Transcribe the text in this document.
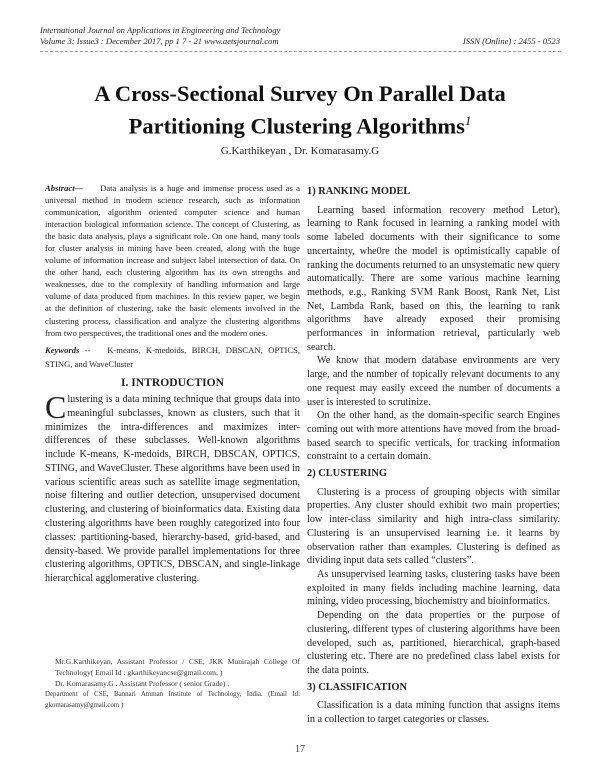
International Journal on Applications in Engineering and Technology
Volume 3: Issue3 : December 2017, pp 1 7 - 21 www.aetsjournal.com	ISSN (Online) : 2455 - 0523
A Cross-Sectional Survey On Parallel Data
Partitioning Clustering Algorithms$^1$
G.Karthikeyan , Dr. Komarasamy.G
Abstract— Data analysis is a huge and immense process used as a universal method in modern science research, such as information communication, algorithm oriented computer science and human interaction biological information science. The concept of Clustering, as the basic data analysis, plays a significant role. On one hand, many tools for cluster analysis in mining have been created, along with the huge volume of information increase and subject label intersection of data. On the other hand, each clustering algorithm has its own strengths and weaknesses, due to the complexity of handling information and large volume of data produced from machines. In this review paper, we begin at the definition of clustering, take the basic elements involved in the clustering process, classification and analyze the clustering algorithms from two perspectives, the traditional ones and the modern ones.
Keywords -- K-means, K-medoids, BIRCH, DBSCAN, OPTICS, STING, and WaveCluster
I. INTRODUCTION
Clustering is a data mining technique that groups data into meaningful subclasses, known as clusters, such that it minimizes the intra-differences and maximizes inter-differences of these subclasses. Well-known algorithms include K-means, K-medoids, BIRCH, DBSCAN, OPTICS, STING, and WaveCluster. These algorithms have been used in various scientific areas such as satellite image segmentation, noise filtering and outlier detection, unsupervised document clustering, and clustering of bioinformatics data. Existing data clustering algorithms have been roughly categorized into four classes: partitioning-based, hierarchy-based, grid-based, and density-based. We provide parallel implementations for three clustering algorithms, OPTICS, DBSCAN, and single-linkage hierarchical agglomerative clustering.
Mr.G.Karthikeyan, Assistant Professor / CSE, JKK Munirajah College Of Technology( Email Id : gkarthikeyancse@gmail.com, )
Dr. Komarasamy.G , Assistant Professor ( senior Grade) ,
Department of CSE, Bannari Amman Institute of Technology, India. (Email Id: gkomarasamy@gmail.com )
1) RANKING MODEL

Learning based information recovery method Letor), learning to Rank focused in learning a ranking model with some labeled documents with their significance to some uncertainty, whe0re the model is optimistically capable of ranking the documents returned to an unsystematic new query automatically. There are some various machine learning methods, e.g., Ranking SVM Rank Boost, Rank Net, List Net, Lambda Rank, based on this, the learning to rank algorithms have already exposed their promising performances in information retrieval, particularly web search.

We know that modern database environments are very large, and the number of topically relevant documents to any one request may easily exceed the number of documents a user is interested to scrutinize.

On the other hand, as the domain-specific search Engines coming out with more attentions have moved from the broad-based search to specific verticals, for tracking information constraint to a certain domain.

2) CLUSTERING

Clustering is a process of grouping objects with similar properties. Any cluster should exhibit two main properties; low inter-class similarity and high intra-class similarity. Clustering is an unsupervised learning i.e. it learns by observation rather than examples. Clustering is defined as dividing input data sets called “clusters”.

As unsupervised learning tasks, clustering tasks have been exploited in many fields including machine learning, data mining, video processing, biochemistry and bioinformatics.

Depending on the data properties or the purpose of clustering, different types of clustering algorithms have been developed, such as, partitioned, hierarchical, graph-based clustering etc. There are no predefined class label exists for the data points.

3) CLASSIFICATION

Classification is a data mining function that assigns items in a collection to target categories or classes.

17
